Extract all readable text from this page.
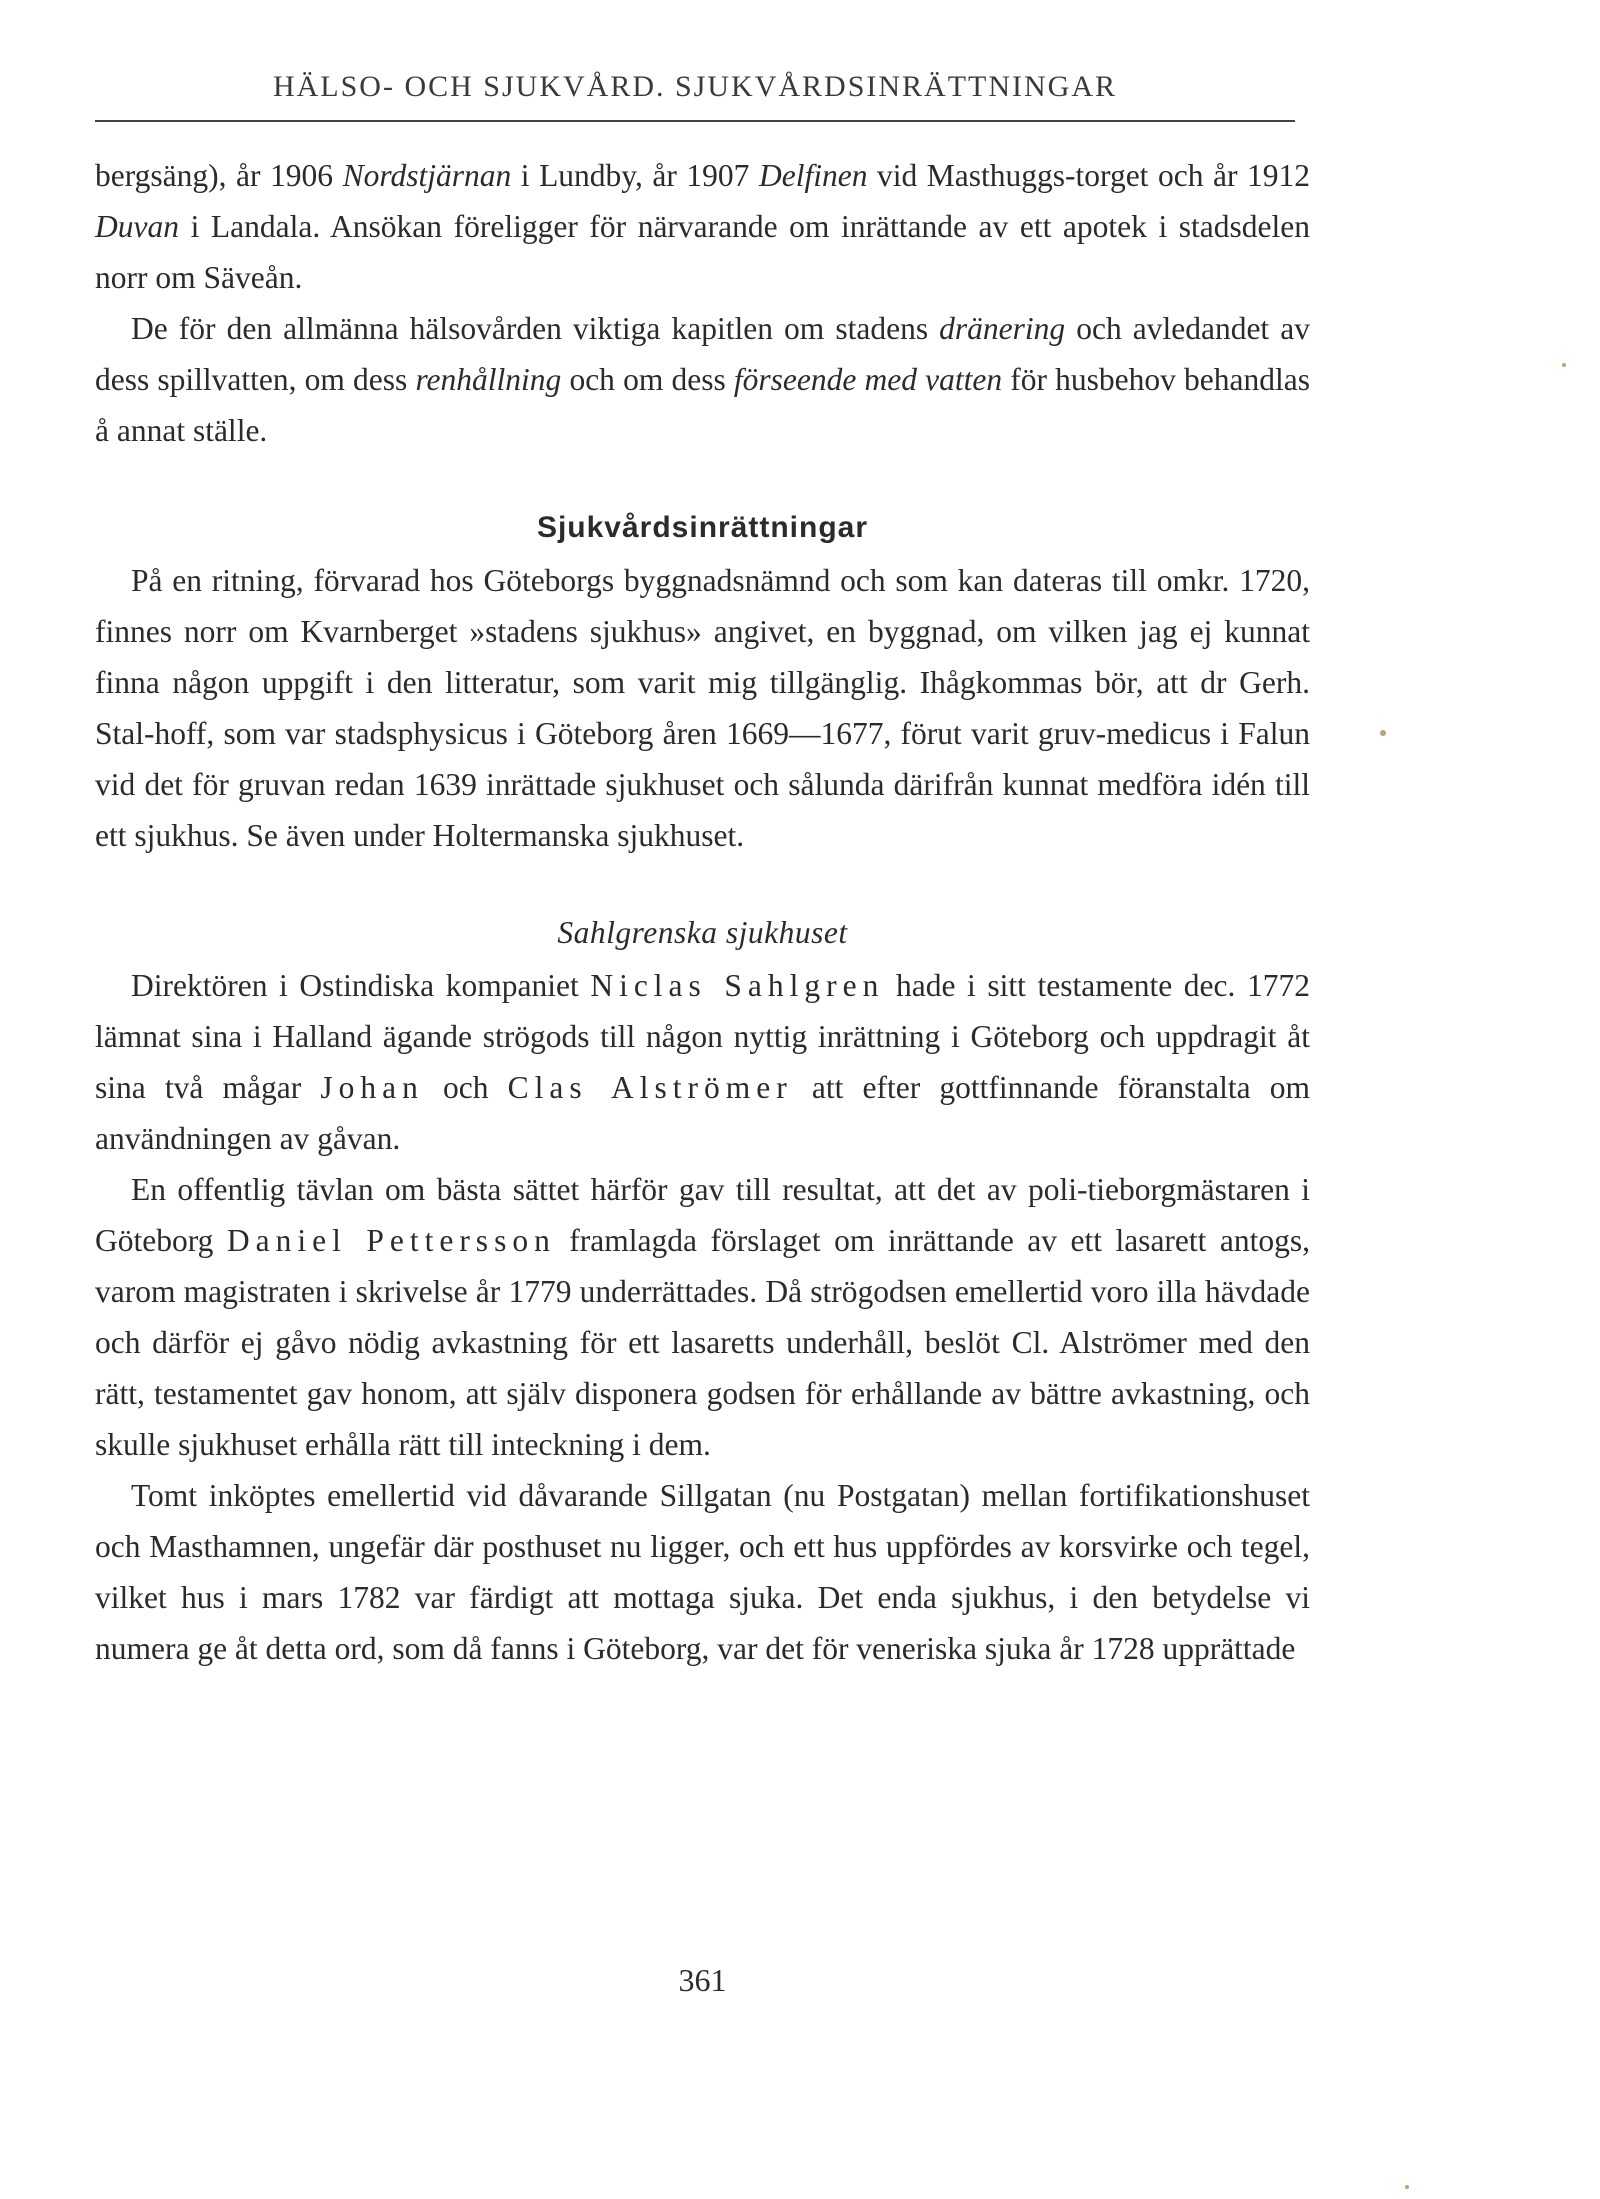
HÄLSO- OCH SJUKVÅRD. SJUKVÅRDSINRÄTTNINGAR

bergsäng), år 1906 Nordstjärnan i Lundby, år 1907 Delfinen vid Masthuggs-torget och år 1912 Duvan i Landala. Ansökan föreligger för närvarande om inrättande av ett apotek i stadsdelen norr om Säveån.

De för den allmänna hälsovården viktiga kapitlen om stadens dränering och avledandet av dess spillvatten, om dess renhållning och om dess förseende med vatten för husbehov behandlas å annat ställe.

Sjukvårdsinrättningar

På en ritning, förvarad hos Göteborgs byggnadsnämnd och som kan dateras till omkr. 1720, finnes norr om Kvarnberget »stadens sjukhus» angivet, en byggnad, om vilken jag ej kunnat finna någon uppgift i den litteratur, som varit mig tillgänglig. Ihågkommas bör, att dr Gerh. Stal-hoff, som var stadsphysicus i Göteborg åren 1669—1677, förut varit gruv-medicus i Falun vid det för gruvan redan 1639 inrättade sjukhuset och sålunda därifrån kunnat medföra idén till ett sjukhus. Se även under Holtermanska sjukhuset.

Sahlgrenska sjukhuset

Direktören i Ostindiska kompaniet Niclas Sahlgren hade i sitt testamente dec. 1772 lämnat sina i Halland ägande strögods till någon nyttig inrättning i Göteborg och uppdragit åt sina två mågar Johan och Clas Alströmer att efter gottfinnande föranstalta om användningen av gåvan.

En offentlig tävlan om bästa sättet härför gav till resultat, att det av poli-tieborgmästaren i Göteborg Daniel Pettersson framlagda förslaget om inrättande av ett lasarett antogs, varom magistraten i skrivelse år 1779 underrättades. Då strögodsen emellertid voro illa hävdade och därför ej gåvo nödig avkastning för ett lasaretts underhåll, beslöt Cl. Alströmer med den rätt, testamentet gav honom, att själv disponera godsen för erhållande av bättre avkastning, och skulle sjukhuset erhålla rätt till inteckning i dem.

Tomt inköptes emellertid vid dåvarande Sillgatan (nu Postgatan) mellan fortifikationshuset och Masthamnen, ungefär där posthuset nu ligger, och ett hus uppfördes av korsvirke och tegel, vilket hus i mars 1782 var färdigt att mottaga sjuka. Det enda sjukhus, i den betydelse vi numera ge åt detta ord, som då fanns i Göteborg, var det för veneriska sjuka år 1728 upprättade

361
